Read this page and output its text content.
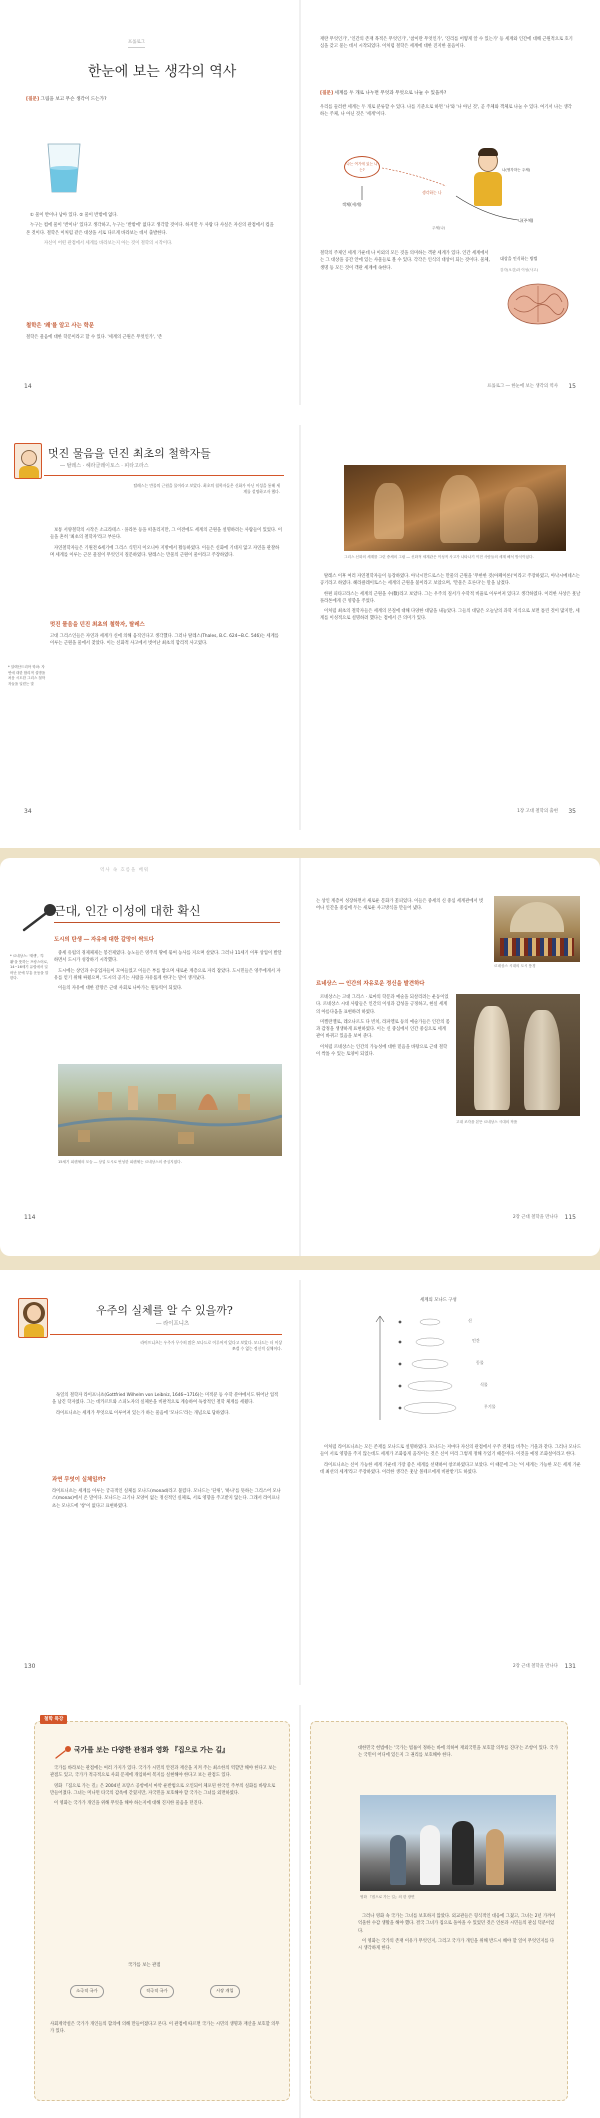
프롤로그
한눈에 보는 생각의 역사
[질문] 그림을 보고 무슨 생각이 드는가?

① 물이 반이나 남아 있다. ② 물이 반밖에 없다.

누구는 컵에 물이 '반이나' 있다고 생각하고, 누구는 '반밖에' 없다고 생각할 것이다. 하지만 두 사람 다 사실은 자신의 관점에서 컵을 본 것이다. 철학은 이처럼 같은 대상을 서로 다르게 바라보는 데서 출발한다.

자신이 어떤 관점에서 세계를 바라보는지 아는 것이 철학의 시작이다.

철학은 '왜'를 알고 사는 학문
철학은 물음에 대한 학문이라고 할 수 있다. '세계의 근원은 무엇인가', '존
14
재란 무엇인가', '인간의 존재 목적은 무엇인가', '참이란 무엇인가', '진리를 어떻게 알 수 있는가' 등 세계와 인간에 대해 근원적으로 호기심을 갖고 묻는 데서 시작되었다. 이처럼 철학은 세계에 대한 진지한 물음이다.
[질문] 세계를 두 개로 나누면 무엇과 무엇으로 나눌 수 있을까?
우리를 둘러싼 세계는 두 개로 분류할 수 있다. 나를 기준으로 하면 '나'와 '나 아닌 것', 곧 주체와 객체로 나눌 수 있다. 여기서 나는 생각하는 주체, 나 아닌 것은 '세계'이다.
나는 여기에 있는 나는?
객체(세계)
생각하는 나
나(생각하는 주체)
나(주체)
주체(나)
철학의 주제인 세계 가운데 나 이외의 모든 것을 의미하는 객관 세계가 있다. 인간 세계에서는 그 대상을 공간 안에 있는 사물들로 볼 수 있다. 각각은 인식의 대상이 되는 것이다. 물체, 생명 등 모든 것이 객관 세계에 속한다.
대상을 인식하는 방법
감각(오감)과 이성(사고)
프롤로그 ― 한눈에 보는 생각의 역사 15
멋진 물음을 던진 최초의 철학자들
― 탈레스 · 헤라클레이토스 · 피타고라스
탈레스는 만물의 근원을 물이라고 보았다. 최초의 철학자들은 신화가 아닌 이성을 통해 세계를 설명하고자 했다.

보통 서양철학의 시작은 소크라테스 · 플라톤 등을 떠올리지만, 그 이전에도 세계의 근원을 설명하려는 사람들이 있었다. 이들을 흔히 '최초의 철학자'라고 부른다.

자연철학자들은 기원전 6세기에 그리스 식민지 이오니아 지방에서 활동하였다. 이들은 신화에 기대지 않고 자연을 관찰하며 세계를 이루는 근본 물질이 무엇인지 질문하였다. 탈레스는 만물의 근원이 물이라고 주장하였다.

멋진 물음을 던진 최초의 철학자, 탈레스
고대 그리스인들은 자연과 세계가 신에 의해 움직인다고 생각했다. 그러나 탈레스(Thales, B.C. 624~B.C. 546)는 세계를 이루는 근원을 물에서 찾았다. 이는 신화적 사고에서 벗어난 최초의 합리적 사고였다.
* 알렉산드리아 학파: 자연에 대한 합리적 설명을 처음 시도한 그리스 철학자들을 일컫는 말
34
그리스 신화의 세계를 그린 중세의 그림 ― 신화적 세계관은 이성적 사고가 나타나기 이전 사람들의 세계 해석 방식이었다.

탈레스 이후 여러 자연철학자들이 등장하였다. 아낙시만드로스는 만물의 근원을 '무한한 것(아페이론)'이라고 주장하였고, 아낙시메네스는 공기라고 하였다. 헤라클레이토스는 세계의 근원을 불이라고 보았으며, '만물은 흐른다'는 말을 남겼다.

한편 피타고라스는 세계의 근원을 수(數)라고 보았다. 그는 우주의 질서가 수학적 비율로 이루어져 있다고 생각하였다. 이러한 사상은 훗날 플라톤에게 큰 영향을 주었다.

이처럼 최초의 철학자들은 세계의 본질에 대해 다양한 대답을 내놓았다. 그들의 대답은 오늘날의 과학 지식으로 보면 틀린 것이 많지만, 세계를 이성적으로 설명하려 했다는 점에서 큰 의미가 있다.

1장 고대 철학의 출현 35
역사 속 흐름을 배워
근대, 인간 이성에 대한 확신
도시의 탄생 ― 자유에 대한 갈망이 싹트다

중세 유럽의 경제체제는 봉건제였다. 농노들은 영주의 땅에 묶여 농사를 지으며 살았다. 그러나 11세기 이후 상업이 발달하면서 도시가 성장하기 시작했다.

도시에는 상인과 수공업자들이 모여들었고 이들은 부를 쌓으며 새로운 계층으로 자리 잡았다. 도시민들은 영주에게서 자유를 얻기 위해 싸웠으며, '도시의 공기는 사람을 자유롭게 한다'는 말이 생겨났다.

이들의 자유에 대한 갈망은 근대 사회로 나아가는 원동력이 되었다.

* 르네상스: '재생', '부활'을 뜻하는 프랑스어로, 14~16세기 유럽에서 일어난 문예 부흥 운동을 말한다.
15세기 피렌체의 모습 ― 상업 도시로 번성한 피렌체는 르네상스의 중심지였다.
114
는 상인 계층이 성장하면서 새로운 문화가 꽃피었다. 이들은 중세의 신 중심 세계관에서 벗어나 인간을 중심에 두는 새로운 사고방식을 만들어 냈다.
르네상스 시대의 도시 풍경
르네상스 ― 인간의 자유로운 정신을 발견하다

르네상스는 고대 그리스 · 로마의 학문과 예술을 되살리려는 운동이었다. 르네상스 시대 사람들은 인간의 이성과 감성을 긍정하고, 현실 세계의 아름다움을 표현하려 하였다.

미켈란젤로, 레오나르도 다 빈치, 라파엘로 등의 예술가들은 인간의 몸과 감정을 생생하게 표현하였다. 이는 신 중심에서 인간 중심으로 세계관이 바뀌고 있음을 보여 준다.

이처럼 르네상스는 인간의 가능성에 대한 믿음을 바탕으로 근대 철학이 싹틀 수 있는 토양이 되었다.

고대 조각을 본뜬 르네상스 시대의 작품
2장 근대 철학을 만나다 115
우주의 실체를 알 수 있을까?
― 라이프니츠
라이프니츠는 우주가 무수히 많은 모나드로 이루어져 있다고 보았다. 모나드는 더 이상 쪼갤 수 없는 정신적 실체이다.

독일의 철학자 라이프니츠(Gottfried Wilhelm von Leibniz, 1646~1716)는 미적분 등 수학 분야에서도 뛰어난 업적을 남긴 학자였다. 그는 데카르트와 스피노자의 실체론을 비판적으로 계승하여 독창적인 철학 체계를 세웠다.

라이프니츠는 세계가 무엇으로 이루어져 있는가 하는 물음에 '모나드'라는 개념으로 답하였다.

과연 무엇이 실체일까?
라이프니츠는 세계를 이루는 궁극적인 실체를 모나드(monad)라고 불렀다. 모나드는 '단위', '하나'를 뜻하는 그리스어 모나스(monas)에서 온 말이다. 모나드는 크기나 모양이 없는 정신적인 실체로, 서로 영향을 주고받지 않는다. 그래서 라이프니츠는 모나드에 '창'이 없다고 표현하였다.
130
세계의 모나드 구성
신
인간
동물
식물
무기물

이처럼 라이프니츠는 모든 존재를 모나드로 설명하였다. 모나드는 저마다 자신의 관점에서 우주 전체를 비추는 거울과 같다. 그러나 모나드들이 서로 영향을 주지 않는데도 세계가 조화롭게 움직이는 것은 신이 미리 그렇게 정해 두었기 때문이다. 이것을 예정 조화설이라고 한다.

라이프니츠는 신이 가능한 세계 가운데 가장 좋은 세계를 선택하여 창조하였다고 보았다. 이 때문에 그는 '이 세계는 가능한 모든 세계 가운데 최선의 세계'라고 주장하였다. 이러한 생각은 훗날 볼테르에게 비판받기도 하였다.

2장 근대 철학을 만나다 131
철학 특강
국가를 보는 다양한 관점과 영화 『집으로 가는 길』

국가를 바라보는 관점에는 여러 가지가 있다. 국가가 시민의 안전과 재산을 지켜 주는 최소한의 역할만 해야 한다고 보는 관점도 있고, 국가가 적극적으로 사회 문제에 개입하여 복지를 실현해야 한다고 보는 관점도 있다.

영화 『집으로 가는 길』은 2004년 프랑스 공항에서 마약 운반범으로 오인되어 체포된 한국인 주부의 실화를 바탕으로 만들어졌다. 그녀는 머나먼 타국의 감옥에 갇혔지만, 자국민을 보호해야 할 국가는 그녀를 외면하였다.

이 영화는 국가가 개인을 위해 무엇을 해야 하는지에 대해 진지한 물음을 던진다.

국가를 보는 관점
소극적 국가	적극적 국가	시장 개입
사회계약설은 국가가 개인들의 합의에 의해 만들어졌다고 본다. 이 관점에 따르면 국가는 시민의 생명과 재산을 보호할 의무가 있다.
대한민국 헌법에는 '국가는 법률이 정하는 바에 의하여 재외국민을 보호할 의무를 진다'는 조항이 있다. 국가는 국민이 어디에 있든지 그 권리를 보호해야 한다.
영화 『집으로 가는 길』의 한 장면

그러나 영화 속 국가는 그녀를 보호하지 않았다. 외교관들은 형식적인 대응에 그쳤고, 그녀는 2년 가까이 억울한 수감 생활을 해야 했다. 결국 그녀가 집으로 돌아올 수 있었던 것은 언론과 시민들의 관심 덕분이었다.

이 영화는 국가의 존재 이유가 무엇인지, 그리고 국가가 개인을 위해 반드시 해야 할 일이 무엇인지를 다시 생각하게 한다.
